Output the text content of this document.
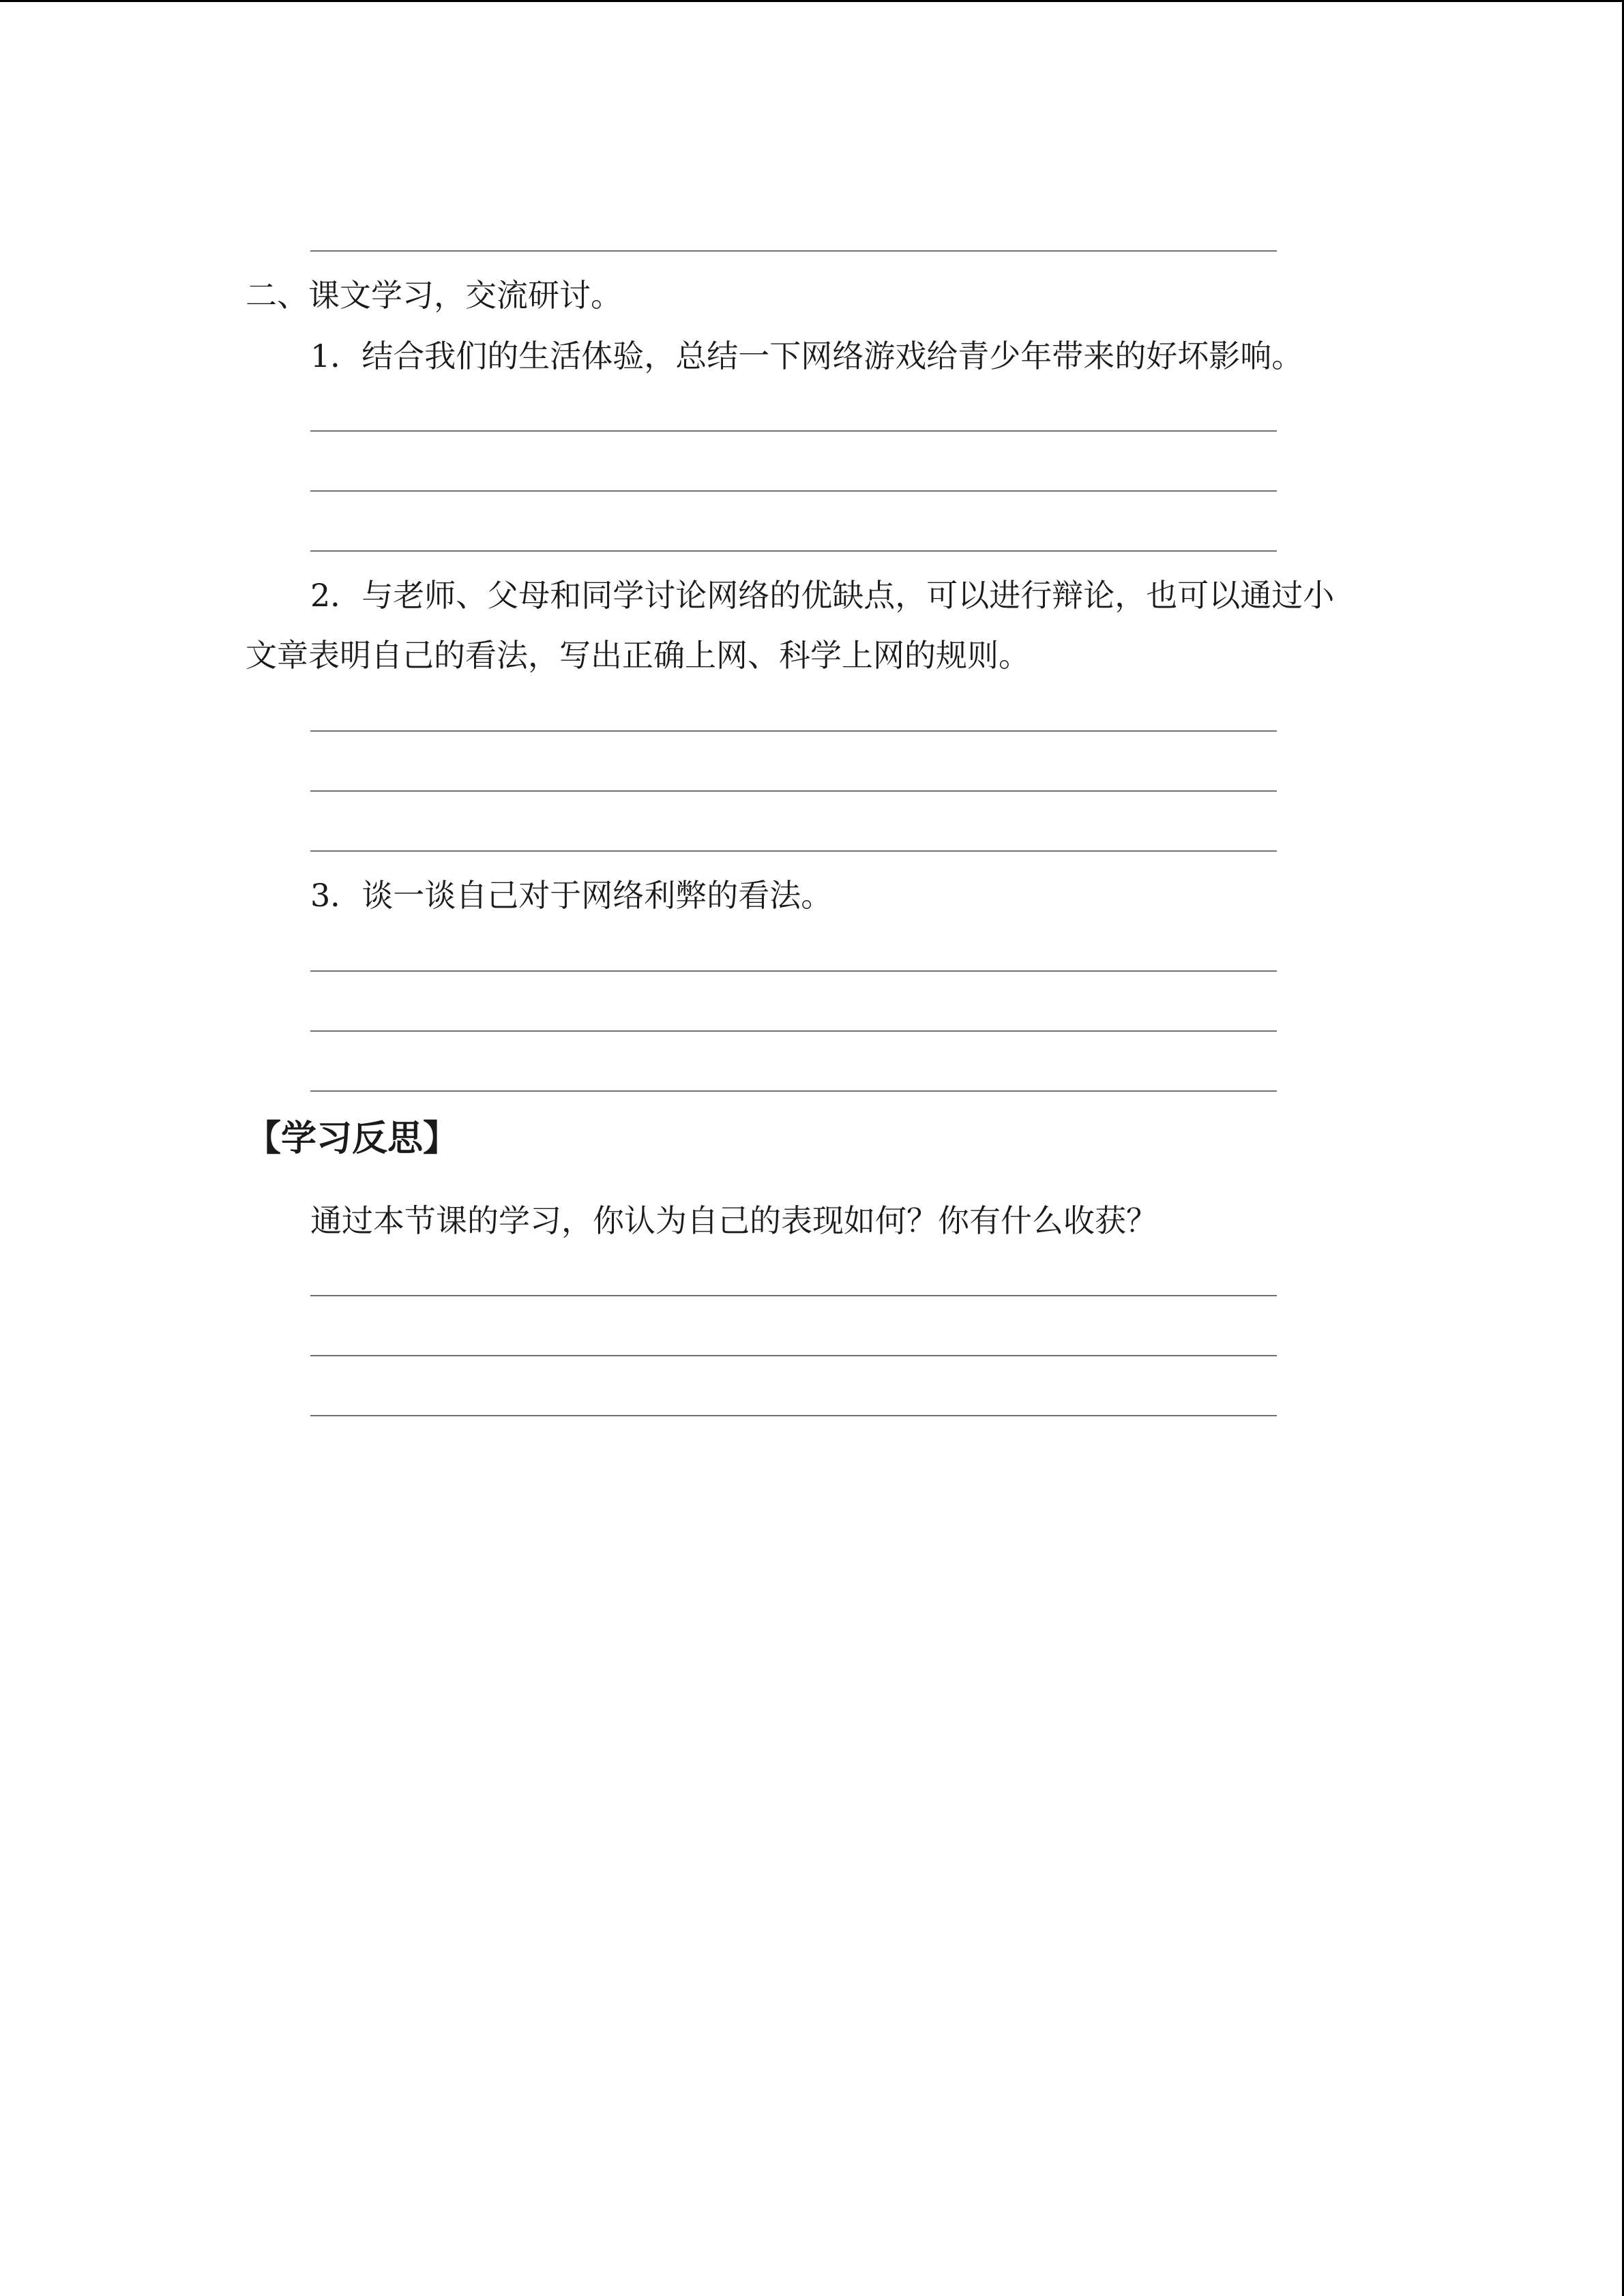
二、课文学习，交流研讨。
1．结合我们的生活体验，总结一下网络游戏给青少年带来的好坏影响。
2．与老师、父母和同学讨论网络的优缺点，可以进行辩论，也可以通过小
文章表明自己的看法，写出正确上网、科学上网的规则。
3．谈一谈自己对于网络利弊的看法。
【学习反思】
通过本节课的学习，你认为自己的表现如何？你有什么收获？
